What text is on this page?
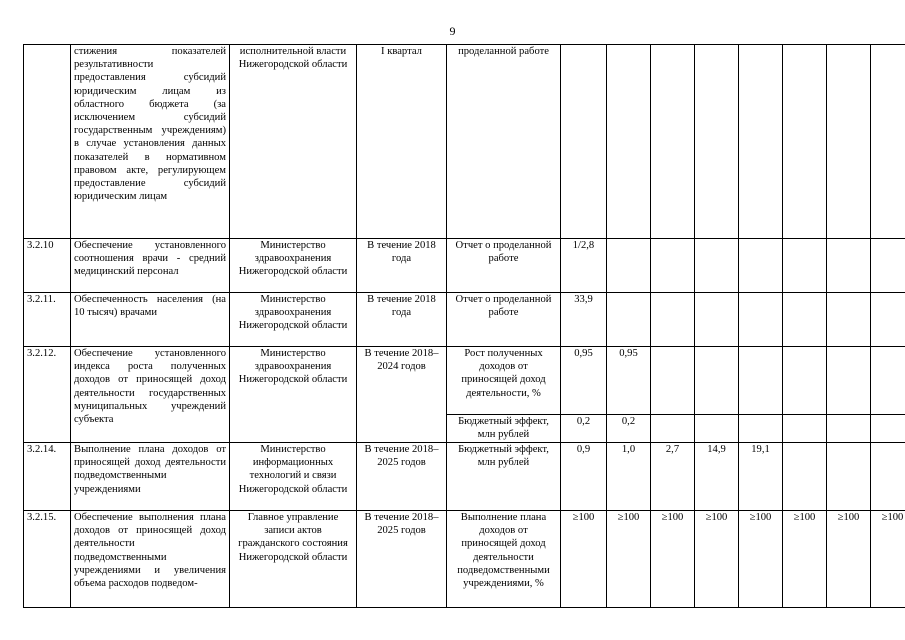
9
	стижения показателей результативности предоставления субсидий юридическим лицам из областного бюджета (за исключением субсидий государственным учреждениям) в случае установления данных показателей в нормативном правовом акте, регулирующем предоставление субсидий юридическим лицам	исполнительной власти Нижегородской области	I квартал	проделанной работе								
3.2.10	Обеспечение установленного соотношения врачи - средний медицинский персонал	Министерство здравоохранения Нижегородской области	В течение 2018 года	Отчет о проделанной работе	1/2,8							
3.2.11.	Обеспеченность населения (на 10 тысяч) врачами	Министерство здравоохранения Нижегородской области	В течение 2018 года	Отчет о проделанной работе	33,9							
3.2.12.	Обеспечение установленного индекса роста полученных доходов от приносящей доход деятельности государственных муниципальных учреждений субъекта	Министерство здравоохранения Нижегородской области	В течение 2018–2024 годов	Рост полученных доходов от приносящей доход деятельности, %	0,95	0,95						
				Бюджетный эффект, млн рублей	0,2	0,2						
3.2.14.	Выполнение плана доходов от приносящей доход деятельности подведомственными учреждениями	Министерство информационных технологий и связи Нижегородской области	В течение 2018–2025 годов	Бюджетный эффект, млн рублей	0,9	1,0	2,7	14,9	19,1			
3.2.15.	Обеспечение выполнения плана доходов от приносящей доход деятельности подведомственными учреждениями и увеличения объема расходов подведом-	Главное управление записи актов гражданского состояния Нижегородской области	В течение 2018–2025 годов	Выполнение плана доходов от приносящей доход деятельности подведомственными учреждениями, %	≥100	≥100	≥100	≥100	≥100	≥100	≥100	≥100
